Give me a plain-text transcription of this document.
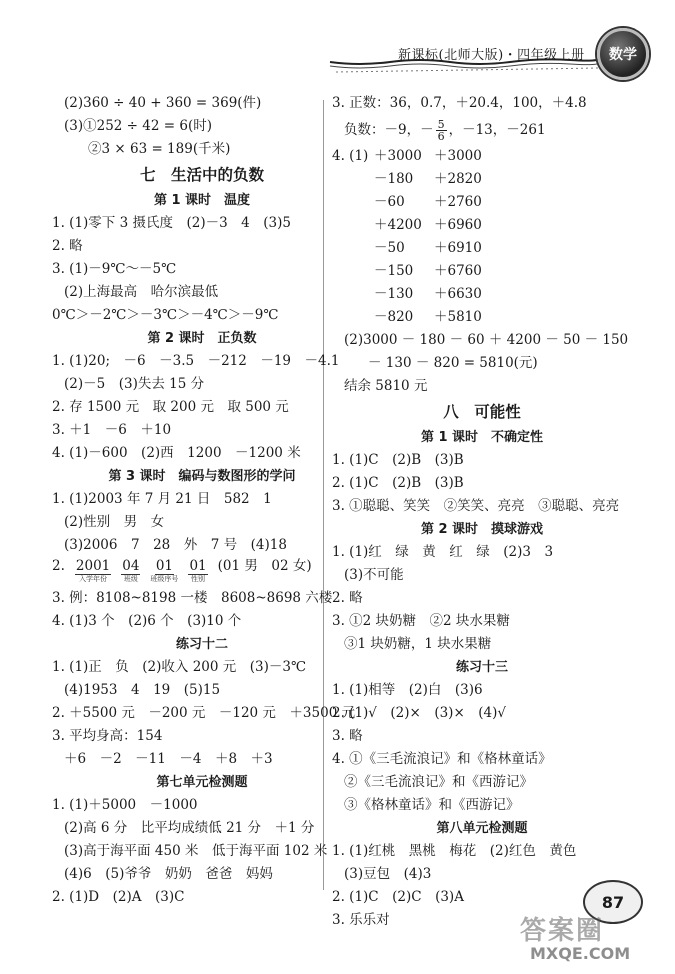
新课标(北师大版)・四年级上册 数学
(2)360 ÷ 40 + 360 = 369(件)
(3)①252 ÷ 42 = 6(时)
②3 × 63 = 189(千米)
七　生活中的负数
第 1 课时　温度
1. (1)零下 3 摄氏度　(2)－3　4　(3)5
2. 略
3. (1)－9℃～－5℃
(2)上海最高　哈尔滨最低
0℃＞－2℃＞－3℃＞－4℃＞－9℃
第 2 课时　正负数
1. (1)20;　－6　－3.5　－212　－19　－4.1
(2)－5　(3)失去 15 分
2. 存 1500 元　取 200 元　取 500 元
3. ＋1　－6　＋10
4. (1)－600　(2)西　1200　－1200 米
第 3 课时　编码与数图形的学问
1. (1)2003 年 7 月 21 日　582　1
(2)性别　男　女
(3)2006　7　28　外　7 号　(4)18
2. 2001
入学年份
04
班级
01
班级序号
01
性别
(01 男　02 女)
3. 例：8108~8198 一楼　8608~8698 六楼
4. (1)3 个　(2)6 个　(3)10 个
练习十二
1. (1)正　负　(2)收入 200 元　(3)－3℃
(4)1953　4　19　(5)15
2. ＋5500 元　－200 元　－120 元　＋3500 元
3. 平均身高：154
＋6　－2　－11　－4　＋8　＋3
第七单元检测题
1. (1)＋5000　－1000
(2)高 6 分　比平均成绩低 21 分　＋1 分
(3)高于海平面 450 米　低于海平面 102 米
(4)6　(5)爷爷　奶奶　爸爸　妈妈
2. (1)D　(2)A　(3)C
3. 正数：36，0.7，＋20.4，100，＋4.8
负数：－9，－ $\frac{5}{6}$ ，－13，－261
4. (1) ＋3000 ＋3000
－180	＋2820
－60	＋2760
＋4200 ＋6960
－50	＋6910
－150	＋6760
－130	＋6630
－820	＋5810
(2)3000 － 180 － 60 ＋ 4200 － 50 － 150
－ 130 － 820 = 5810(元)
结余 5810 元
八　可能性
第 1 课时　不确定性
1. (1)C　(2)B　(3)B
2. (1)C　(2)B　(3)B
3. ①聪聪、笑笑　②笑笑、亮亮　③聪聪、亮亮
第 2 课时　摸球游戏
1. (1)红　绿　黄　红　绿　(2)3　3
(3)不可能
2. 略
3. ①2 块奶糖　②2 块水果糖
③1 块奶糖，1 块水果糖
练习十三
1. (1)相等　(2)白　(3)6
2. (1)√　(2)×　(3)×　(4)√
3. 略
4. ①《三毛流浪记》和《格林童话》
②《三毛流浪记》和《西游记》
③《格林童话》和《西游记》
第八单元检测题
1. (1)红桃　黑桃　梅花　(2)红色　黄色
(3)豆包　(4)3
2. (1)C　(2)C　(3)A
3. 乐乐对
87
答案圈
MXQE.COM
